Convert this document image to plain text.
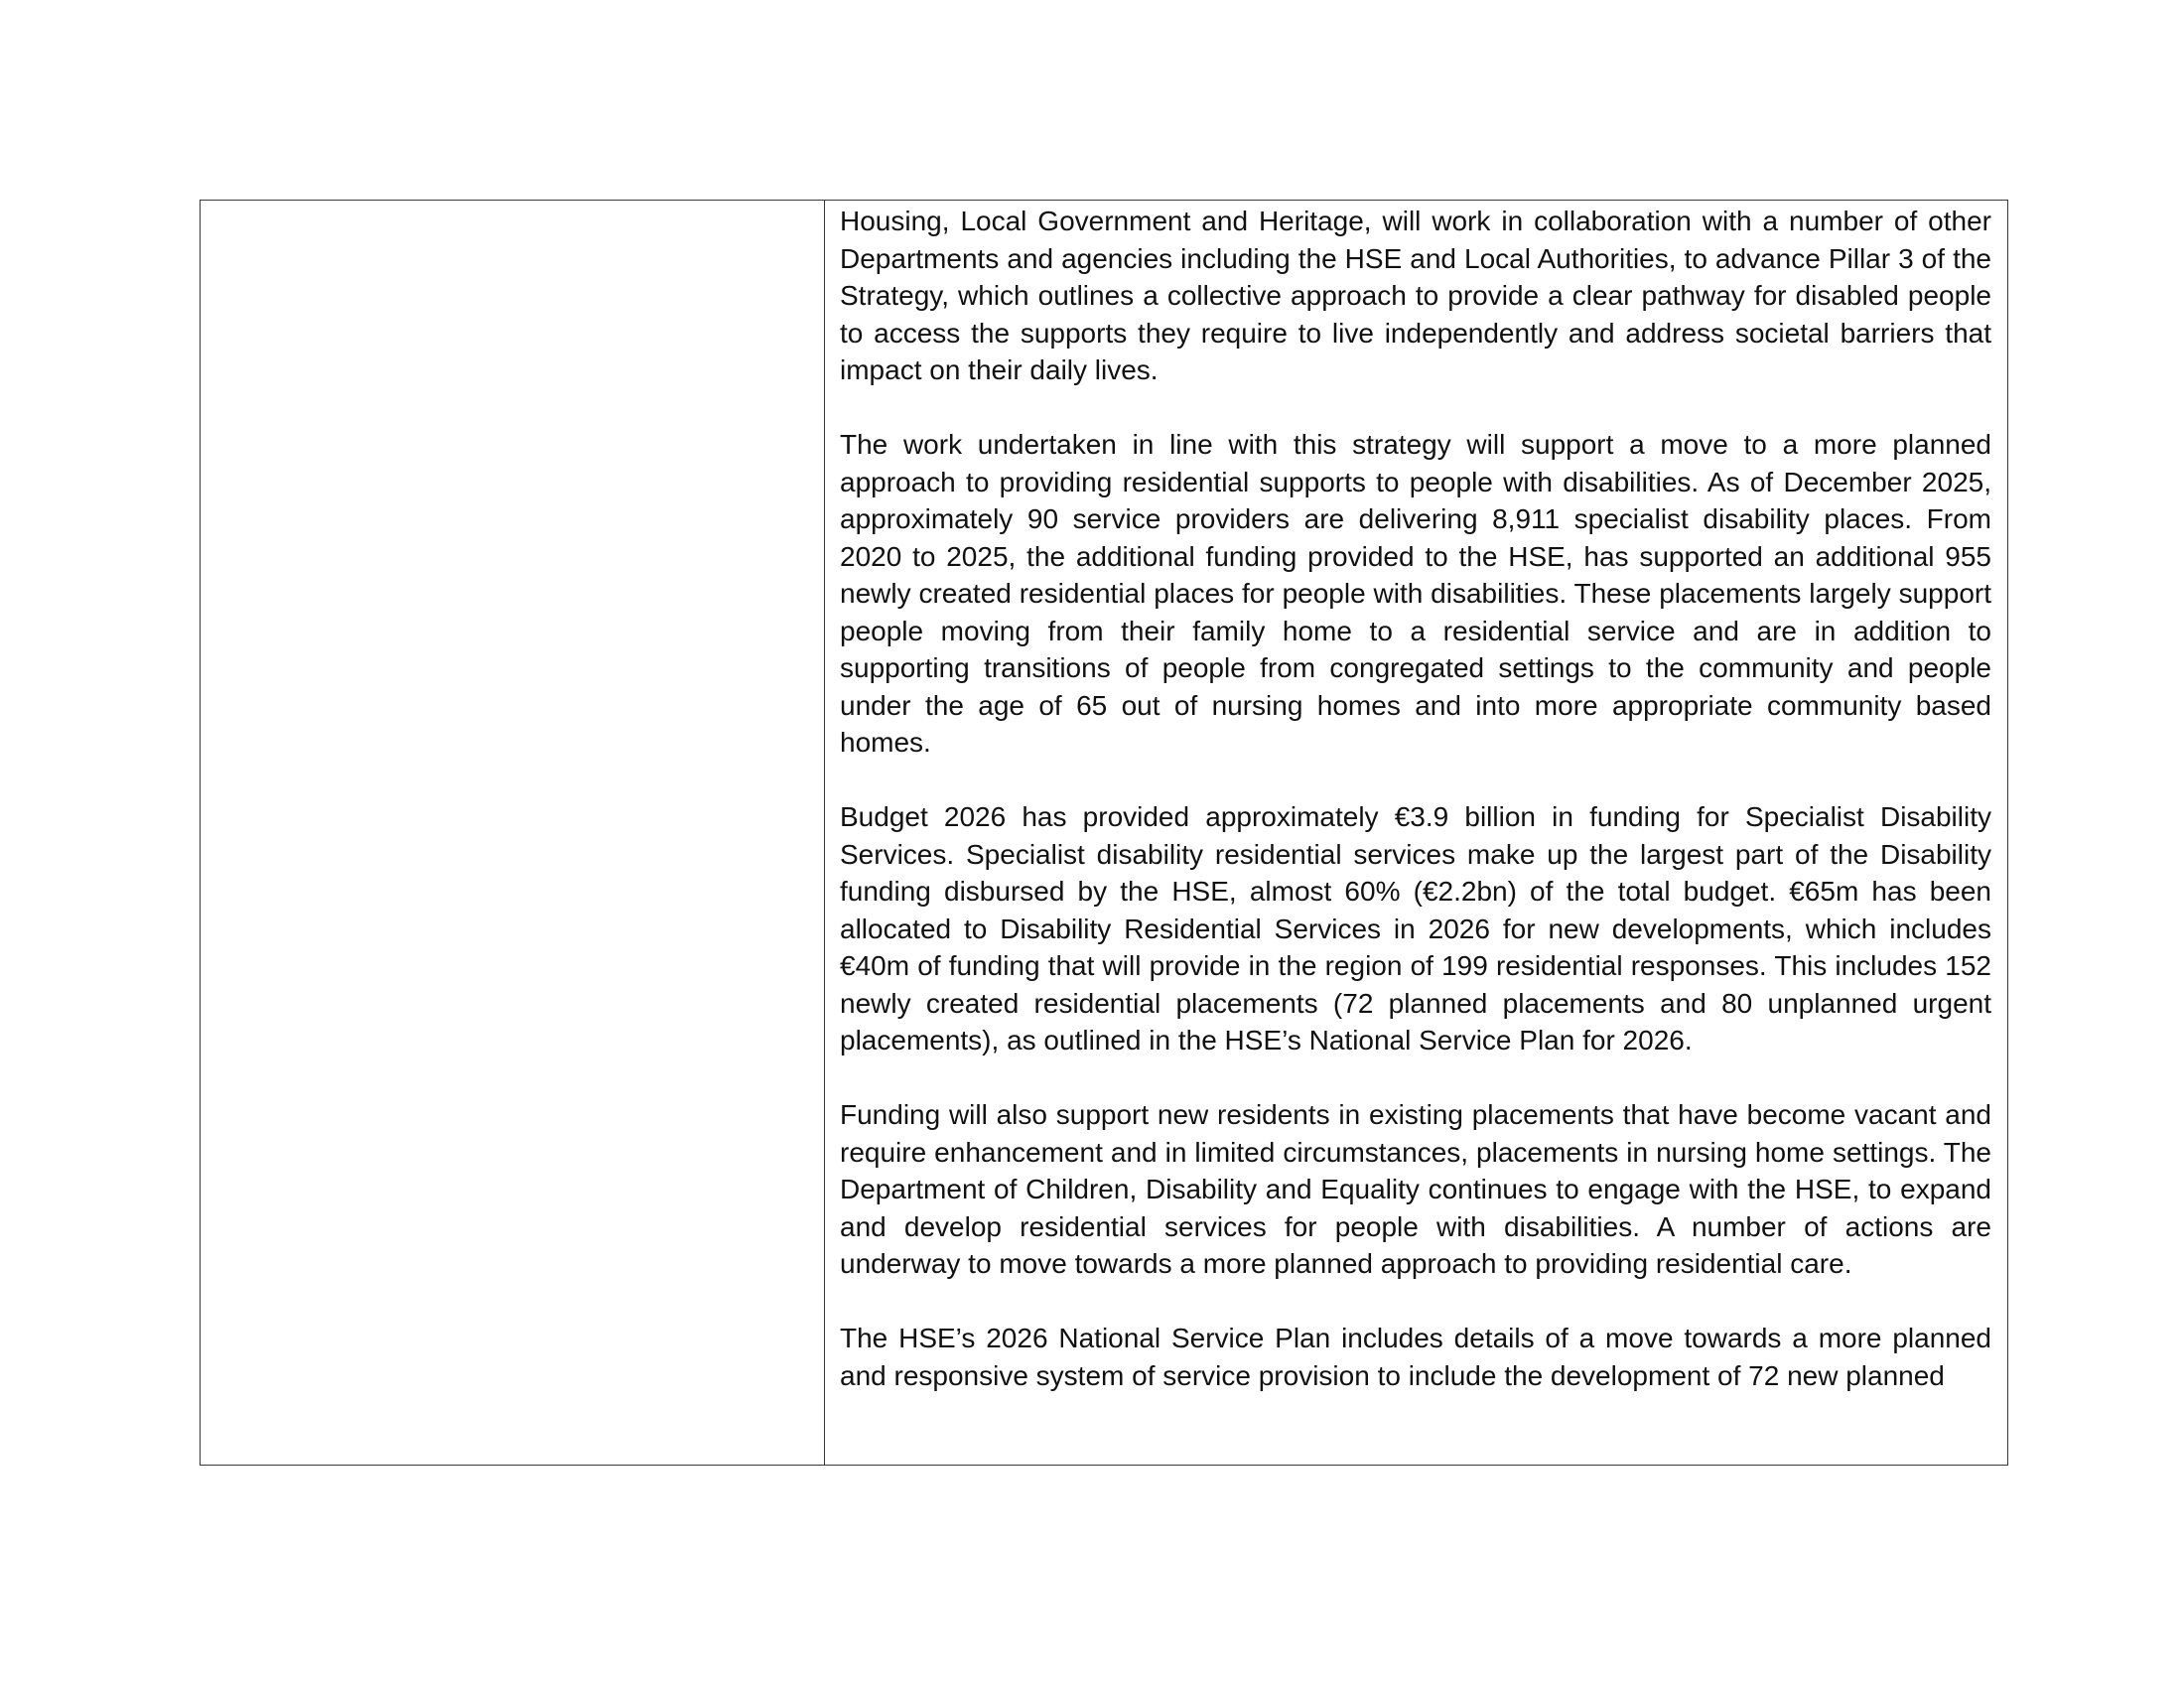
Housing, Local Government and Heritage, will work in collaboration with a number of other Departments and agencies including the HSE and Local Authorities, to advance Pillar 3 of the Strategy, which outlines a collective approach to provide a clear pathway for disabled people to access the supports they require to live independently and address societal barriers that impact on their daily lives.

The work undertaken in line with this strategy will support a move to a more planned approach to providing residential supports to people with disabilities. As of December 2025, approximately 90 service providers are delivering 8,911 specialist disability places. From 2020 to 2025, the additional funding provided to the HSE, has supported an additional 955 newly created residential places for people with disabilities. These placements largely support people moving from their family home to a residential service and are in addition to supporting transitions of people from congregated settings to the community and people under the age of 65 out of nursing homes and into more appropriate community based homes.

Budget 2026 has provided approximately €3.9 billion in funding for Specialist Disability Services. Specialist disability residential services make up the largest part of the Disability funding disbursed by the HSE, almost 60% (€2.2bn) of the total budget. €65m has been allocated to Disability Residential Services in 2026 for new developments, which includes €40m of funding that will provide in the region of 199 residential responses. This includes 152 newly created residential placements (72 planned placements and 80 unplanned urgent placements), as outlined in the HSE’s National Service Plan for 2026.

Funding will also support new residents in existing placements that have become vacant and require enhancement and in limited circumstances, placements in nursing home settings. The Department of Children, Disability and Equality continues to engage with the HSE, to expand and develop residential services for people with disabilities. A number of actions are underway to move towards a more planned approach to providing residential care.

The HSE’s 2026 National Service Plan includes details of a move towards a more planned and responsive system of service provision to include the development of 72 new planned
